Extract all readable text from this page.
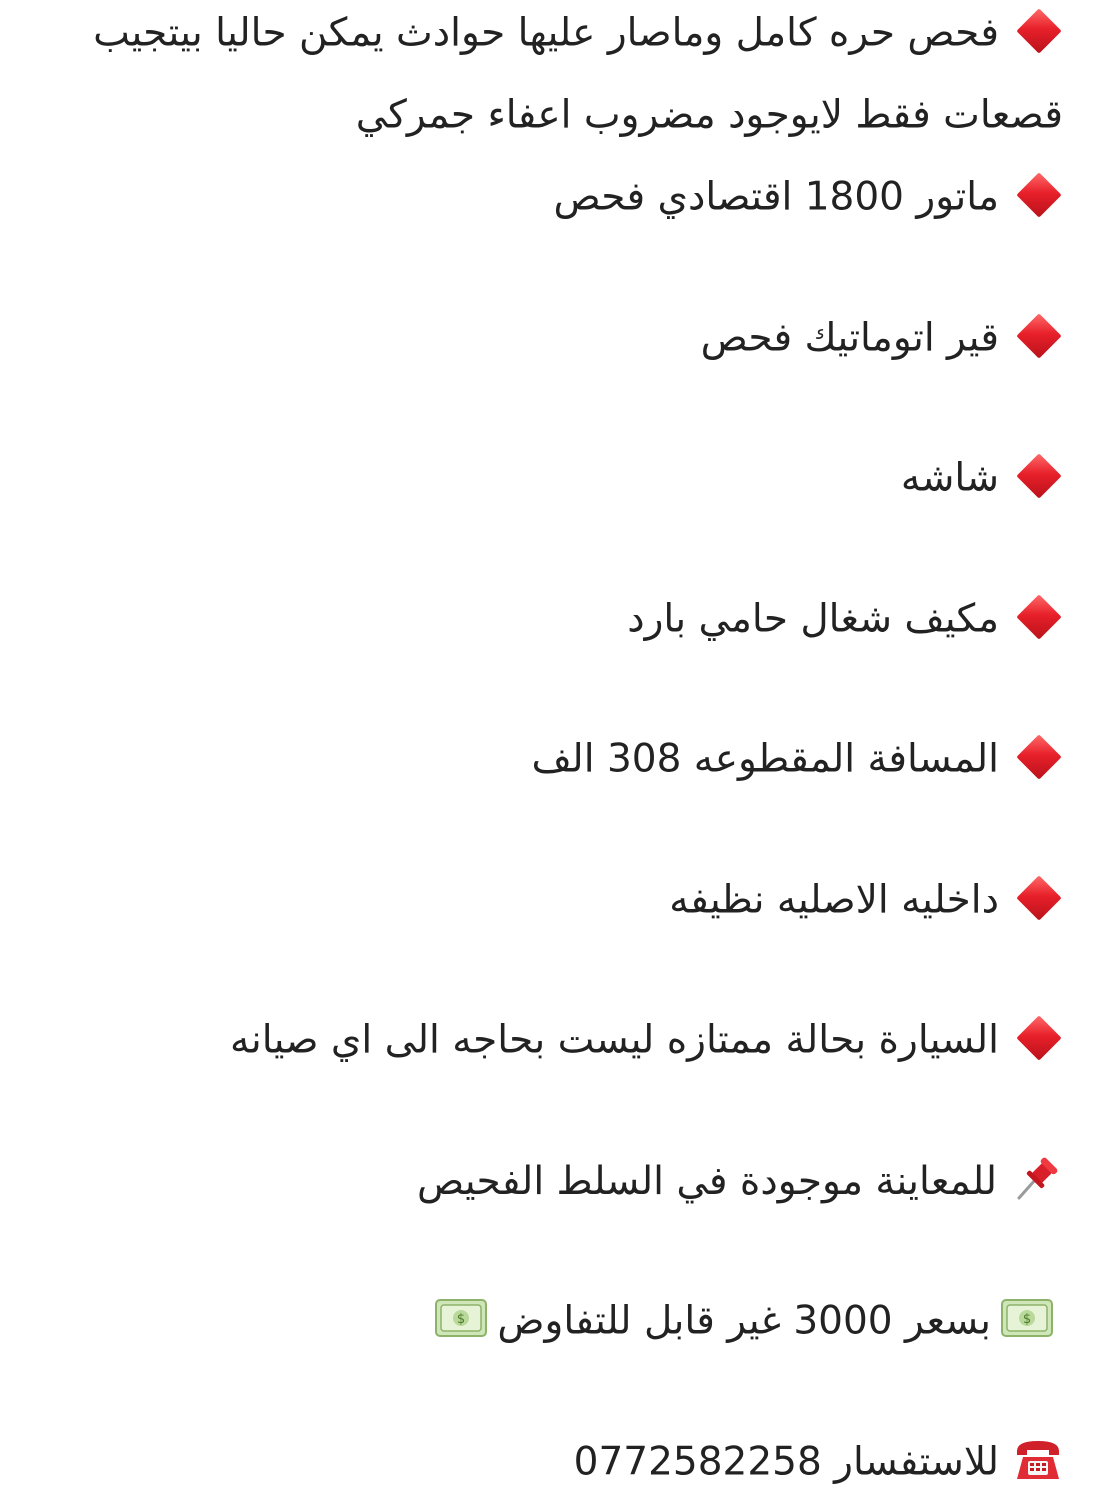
فحص حره كامل وماصار عليها حوادث يمكن حاليا بيتجيب
قصعات فقط لايوجود مضروب اعفاء جمركي
ماتور 1800 اقتصادي فحص
قير اتوماتيك فحص
شاشه
مكيف شغال حامي بارد
المسافة المقطوعه 308 الف
داخليه الاصليه نظيفه
السيارة بحالة ممتازه ليست بحاجه الى اي صيانه
للمعاينة موجودة في السلط الفحيص
$
بسعر 3000 غير قابل للتفاوض
$
للاستفسار 0772582258
